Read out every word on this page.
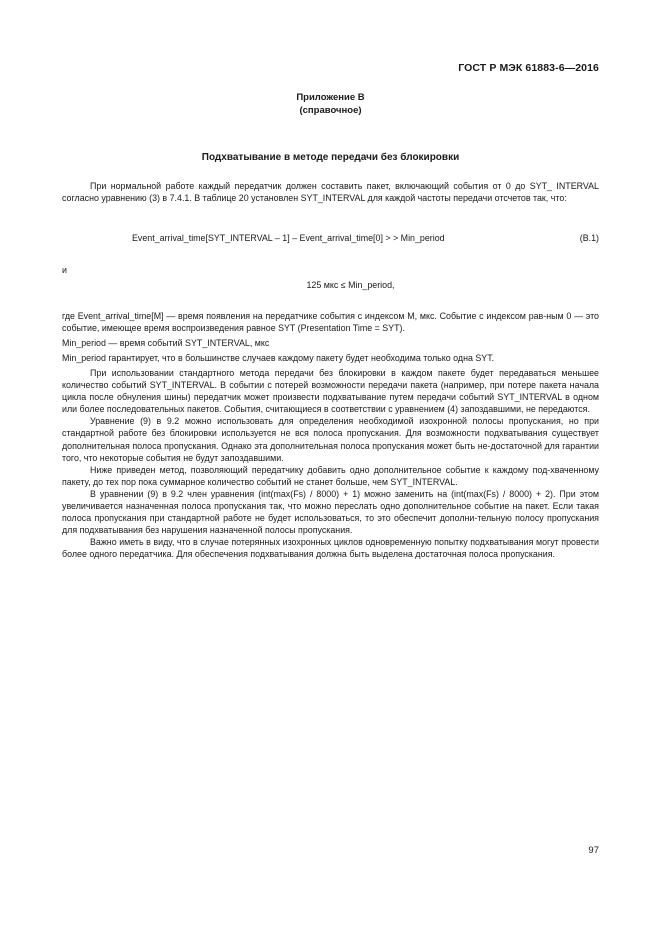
ГОСТ Р МЭК 61883-6—2016
Приложение В
(справочное)
Подхватывание в методе передачи без блокировки

При нормальной работе каждый передатчик должен составить пакет, включающий события от 0 до SYT_ INTERVAL согласно уравнению (3) в 7.4.1. В таблице 20 установлен SYT_INTERVAL для каждой частоты передачи отсчетов так, что:

Event_arrival_time[SYT_INTERVAL – 1] – Event_arrival_time[0] > > Min_period	(B.1)
и
125 мкс ≤ Min_period,

где Event_arrival_time[M] — время появления на передатчике события с индексом M, мкс. Событие с индексом рав-ным 0 — это событие, имеющее время воспроизведения равное SYT (Presentation Time = SYT).

Min_period — время событий SYT_INTERVAL, мкс

Min_period гарантирует, что в большинстве случаев каждому пакету будет необходима только одна SYT.

При использовании стандартного метода передачи без блокировки в каждом пакете будет передаваться меньшее количество событий SYT_INTERVAL. В событии с потерей возможности передачи пакета (например, при потере пакета начала цикла после обнуления шины) передатчик может произвести подхватывание путем передачи событий SYT_INTERVAL в одном или более последовательных пакетов. События, считающиеся в соответствии с уравнением (4) запоздавшими, не передаются.

Уравнение (9) в 9.2 можно использовать для определения необходимой изохронной полосы пропускания, но при стандартной работе без блокировки используется не вся полоса пропускания. Для возможности подхватывания существует дополнительная полоса пропускания. Однако эта дополнительная полоса пропускания может быть не-достаточной для гарантии того, что некоторые события не будут запоздавшими.

Ниже приведен метод, позволяющий передатчику добавить одно дополнительное событие к каждому под-хваченному пакету, до тех пор пока суммарное количество событий не станет больше, чем SYT_INTERVAL.

В уравнении (9) в 9.2 член уравнения (int(max(Fs) / 8000) + 1) можно заменить на (int(max(Fs) / 8000) + 2). При этом увеличивается назначенная полоса пропускания так, что можно переслать одно дополнительное событие на пакет. Если такая полоса пропускания при стандартной работе не будет использоваться, то это обеспечит дополни-тельную полосу пропускания для подхватывания без нарушения назначенной полосы пропускания.

Важно иметь в виду, что в случае потерянных изохронных циклов одновременную попытку подхватывания могут провести более одного передатчика. Для обеспечения подхватывания должна быть выделена достаточная полоса пропускания.

97
